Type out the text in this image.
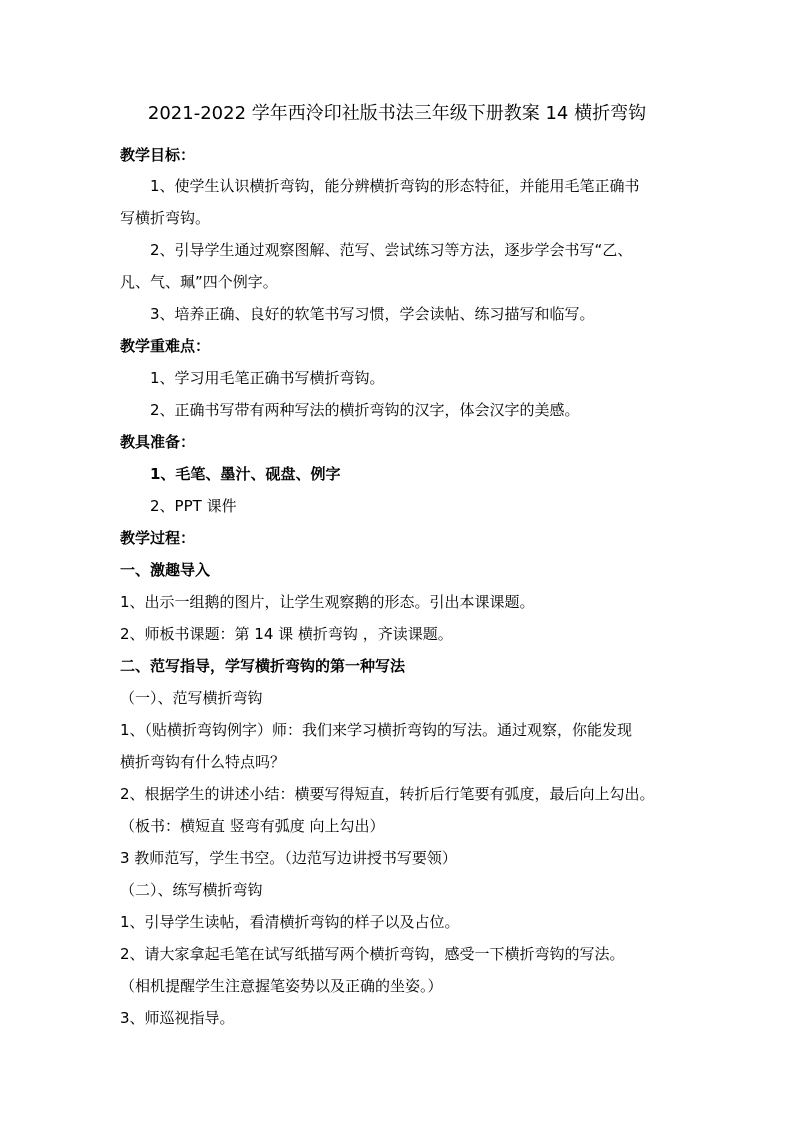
2021-2022 学年西泠印社版书法三年级下册教案 14 横折弯钩
教学目标：
1、使学生认识横折弯钩，能分辨横折弯钩的形态特征，并能用毛笔正确书
写横折弯钩。
2、引导学生通过观察图解、范写、尝试练习等方法，逐步学会书写“乙、
凡、气、珮”四个例字。
3、培养正确、良好的软笔书写习惯，学会读帖、练习描写和临写。
教学重难点：
1、学习用毛笔正确书写横折弯钩。
2、正确书写带有两种写法的横折弯钩的汉字，体会汉字的美感。
教具准备：
1、毛笔、墨汁、砚盘、例字
2、PPT 课件
教学过程：
一、激趣导入
1、出示一组鹅的图片，让学生观察鹅的形态。引出本课课题。
2、师板书课题：第 14 课 横折弯钩 ，齐读课题。
二、范写指导，学写横折弯钩的第一种写法
（一）、范写横折弯钩
1、（贴横折弯钩例字）师：我们来学习横折弯钩的写法。通过观察，你能发现
横折弯钩有什么特点吗？
2、根据学生的讲述小结：横要写得短直，转折后行笔要有弧度，最后向上勾出。
（板书：横短直 竖弯有弧度 向上勾出）
3 教师范写，学生书空。（边范写边讲授书写要领）
（二）、练写横折弯钩
1、引导学生读帖，看清横折弯钩的样子以及占位。
2、请大家拿起毛笔在试写纸描写两个横折弯钩，感受一下横折弯钩的写法。
（相机提醒学生注意握笔姿势以及正确的坐姿。）
3、师巡视指导。
